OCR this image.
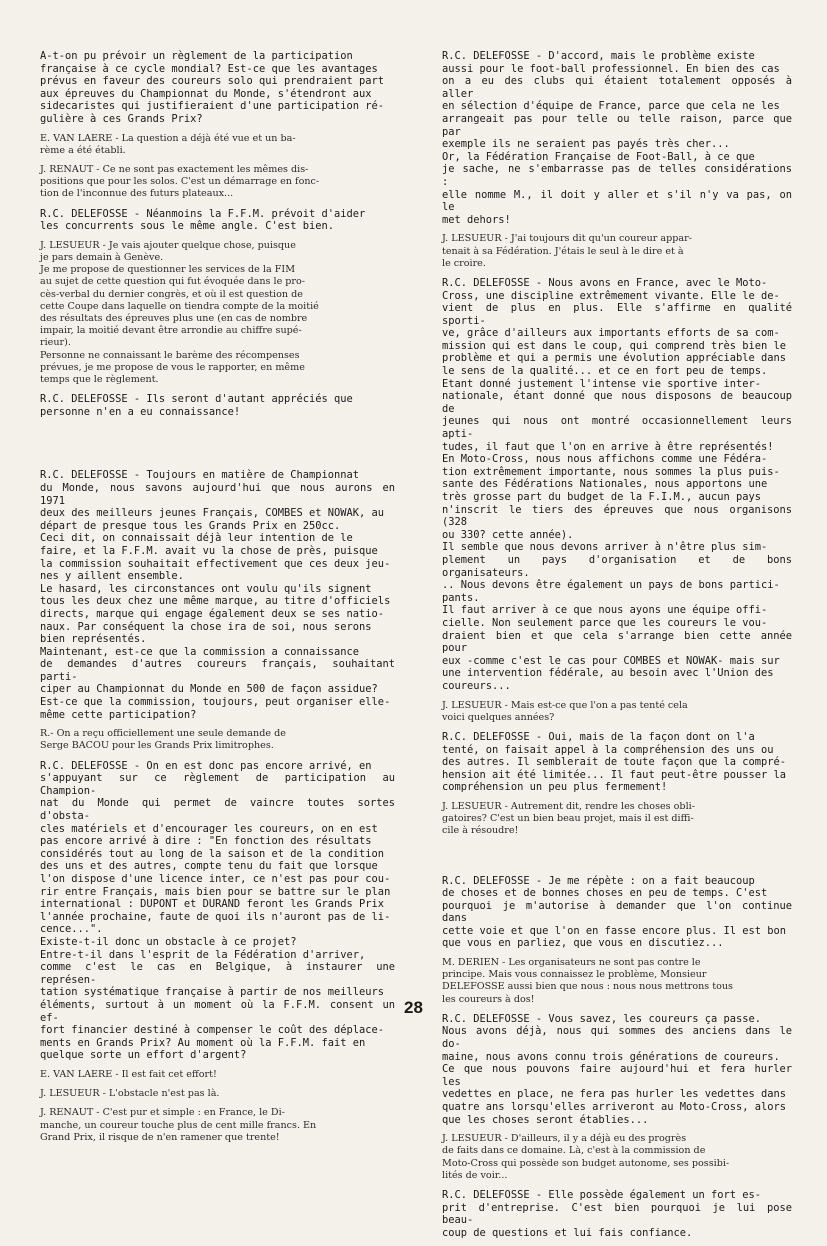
A-t-on pu prévoir un règlement de la participation
française à ce cycle mondial? Est-ce que les avantages
prévus en faveur des coureurs solo qui prendraient part
aux épreuves du Championnat du Monde, s'étendront aux
sidecaristes qui justifieraient d'une participation ré-
gulière à ces Grands Prix?

E. VAN LAERE - La question a déjà été vue et un ba-
rème a été établi.

J. RENAUT - Ce ne sont pas exactement les mêmes dis-
positions que pour les solos. C'est un démarrage en fonc-
tion de l'inconnue des futurs plateaux...

R.C. DELEFOSSE - Néanmoins la F.F.M. prévoit d'aider
les concurrents sous le même angle. C'est bien.

J. LESUEUR - Je vais ajouter quelque chose, puisque
je pars demain à Genève.
Je me propose de questionner les services de la FIM
au sujet de cette question qui fut évoquée dans le pro-
cès-verbal du dernier congrès, et où il est question de
cette Coupe dans laquelle on tiendra compte de la moitié
des résultats des épreuves plus une (en cas de nombre
impair, la moitié devant être arrondie au chiffre supé-
rieur).
Personne ne connaissant le barème des récompenses
prévues, je me propose de vous le rapporter, en même
temps que le règlement.

R.C. DELEFOSSE - Ils seront d'autant appréciés que
personne n'en a eu connaissance!

R.C. DELEFOSSE - Toujours en matière de Championnat
du Monde, nous savons aujourd'hui que nous aurons en 1971
deux des meilleurs jeunes Français, COMBES et NOWAK, au
départ de presque tous les Grands Prix en 250cc.
Ceci dit, on connaissait déjà leur intention de le
faire, et la F.F.M. avait vu la chose de près, puisque
la commission souhaitait effectivement que ces deux jeu-
nes y aillent ensemble.
Le hasard, les circonstances ont voulu qu'ils signent
tous les deux chez une même marque, au titre d'officiels
directs, marque qui engage également deux se ses natio-
naux. Par conséquent la chose ira de soi, nous serons
bien représentés.
Maintenant, est-ce que la commission a connaissance
de demandes d'autres coureurs français, souhaitant parti-
ciper au Championnat du Monde en 500 de façon assidue?
Est-ce que la commission, toujours, peut organiser elle-
même cette participation?

R.- On a reçu officiellement une seule demande de
Serge BACOU pour les Grands Prix limitrophes.

R.C. DELEFOSSE - On en est donc pas encore arrivé, en
s'appuyant sur ce règlement de participation au Champion-
nat du Monde qui permet de vaincre toutes sortes d'obsta-
cles matériels et d'encourager les coureurs, on en est
pas encore arrivé à dire : "En fonction des résultats
considérés tout au long de la saison et de la condition
des uns et des autres, compte tenu du fait que lorsque
l'on dispose d'une licence inter, ce n'est pas pour cou-
rir entre Français, mais bien pour se battre sur le plan
international : DUPONT et DURAND feront les Grands Prix
l'année prochaine, faute de quoi ils n'auront pas de li-
cence...".
Existe-t-il donc un obstacle à ce projet?
Entre-t-il dans l'esprit de la Fédération d'arriver,
comme c'est le cas en Belgique, à instaurer une représen-
tation systématique française à partir de nos meilleurs
éléments, surtout à un moment où la F.F.M. consent un ef-
fort financier destiné à compenser le coût des déplace-
ments en Grands Prix? Au moment où la F.F.M. fait en
quelque sorte un effort d'argent?

E. VAN LAERE - Il est fait cet effort!

J. LESUEUR - L'obstacle n'est pas là.

J. RENAUT - C'est pur et simple : en France, le Di-
manche, un coureur touche plus de cent mille francs. En
Grand Prix, il risque de n'en ramener que trente!

R.C. DELEFOSSE - D'accord, mais le problème existe
aussi pour le foot-ball professionnel. En bien des cas
on a eu des clubs qui étaient totalement opposés à aller
en sélection d'équipe de France, parce que cela ne les
arrangeait pas pour telle ou telle raison, parce que par
exemple ils ne seraient pas payés très cher...
Or, la Fédération Française de Foot-Ball, à ce que
je sache, ne s'embarrasse pas de telles considérations :
elle nomme M., il doit y aller et s'il n'y va pas, on le
met dehors!

J. LESUEUR - J'ai toujours dit qu'un coureur appar-
tenait à sa Fédération. J'étais le seul à le dire et à
le croire.

R.C. DELEFOSSE - Nous avons en France, avec le Moto-
Cross, une discipline extrêmement vivante. Elle le de-
vient de plus en plus. Elle s'affirme en qualité sporti-
ve, grâce d'ailleurs aux importants efforts de sa com-
mission qui est dans le coup, qui comprend très bien le
problème et qui a permis une évolution appréciable dans
le sens de la qualité... et ce en fort peu de temps.
Etant donné justement l'intense vie sportive inter-
nationale, étant donné que nous disposons de beaucoup de
jeunes qui nous ont montré occasionnellement leurs apti-
tudes, il faut que l'on en arrive à être représentés!
En Moto-Cross, nous nous affichons comme une Fédéra-
tion extrêmement importante, nous sommes la plus puis-
sante des Fédérations Nationales, nous apportons une
très grosse part du budget de la F.I.M., aucun pays
n'inscrit le tiers des épreuves que nous organisons (328
ou 330? cette année).
Il semble que nous devons arriver à n'être plus sim-
plement un pays d'organisation et de bons organisateurs.
.. Nous devons être également un pays de bons partici-
pants.
Il faut arriver à ce que nous ayons une équipe offi-
cielle. Non seulement parce que les coureurs le vou-
draient bien et que cela s'arrange bien cette année pour
eux -comme c'est le cas pour COMBES et NOWAK- mais sur
une intervention fédérale, au besoin avec l'Union des
coureurs...

J. LESUEUR - Mais est-ce que l'on a pas tenté cela
voici quelques années?

R.C. DELEFOSSE - Oui, mais de la façon dont on l'a
tenté, on faisait appel à la compréhension des uns ou
des autres. Il semblerait de toute façon que la compré-
hension ait été limitée... Il faut peut-être pousser la
compréhension un peu plus fermement!

J. LESUEUR - Autrement dit, rendre les choses obli-
gatoires? C'est un bien beau projet, mais il est diffi-
cile à résoudre!

R.C. DELEFOSSE - Je me répète : on a fait beaucoup
de choses et de bonnes choses en peu de temps. C'est
pourquoi je m'autorise à demander que l'on continue dans
cette voie et que l'on en fasse encore plus. Il est bon
que vous en parliez, que vous en discutiez...

M. DERIEN - Les organisateurs ne sont pas contre le
principe. Mais vous connaissez le problème, Monsieur
DELEFOSSE aussi bien que nous : nous nous mettrons tous
les coureurs à dos!

R.C. DELEFOSSE - Vous savez, les coureurs ça passe.
Nous avons déjà, nous qui sommes des anciens dans le do-
maine, nous avons connu trois générations de coureurs.
Ce que nous pouvons faire aujourd'hui et fera hurler les
vedettes en place, ne fera pas hurler les vedettes dans
quatre ans lorsqu'elles arriveront au Moto-Cross, alors
que les choses seront établies...

J. LESUEUR - D'ailleurs, il y a déjà eu des progrès
de faits dans ce domaine. Là, c'est à la commission de
Moto-Cross qui possède son budget autonome, ses possibi-
lités de voir...

R.C. DELEFOSSE - Elle possède également un fort es-
prit d'entreprise. C'est bien pourquoi je lui pose beau-
coup de questions et lui fais confiance.

28
